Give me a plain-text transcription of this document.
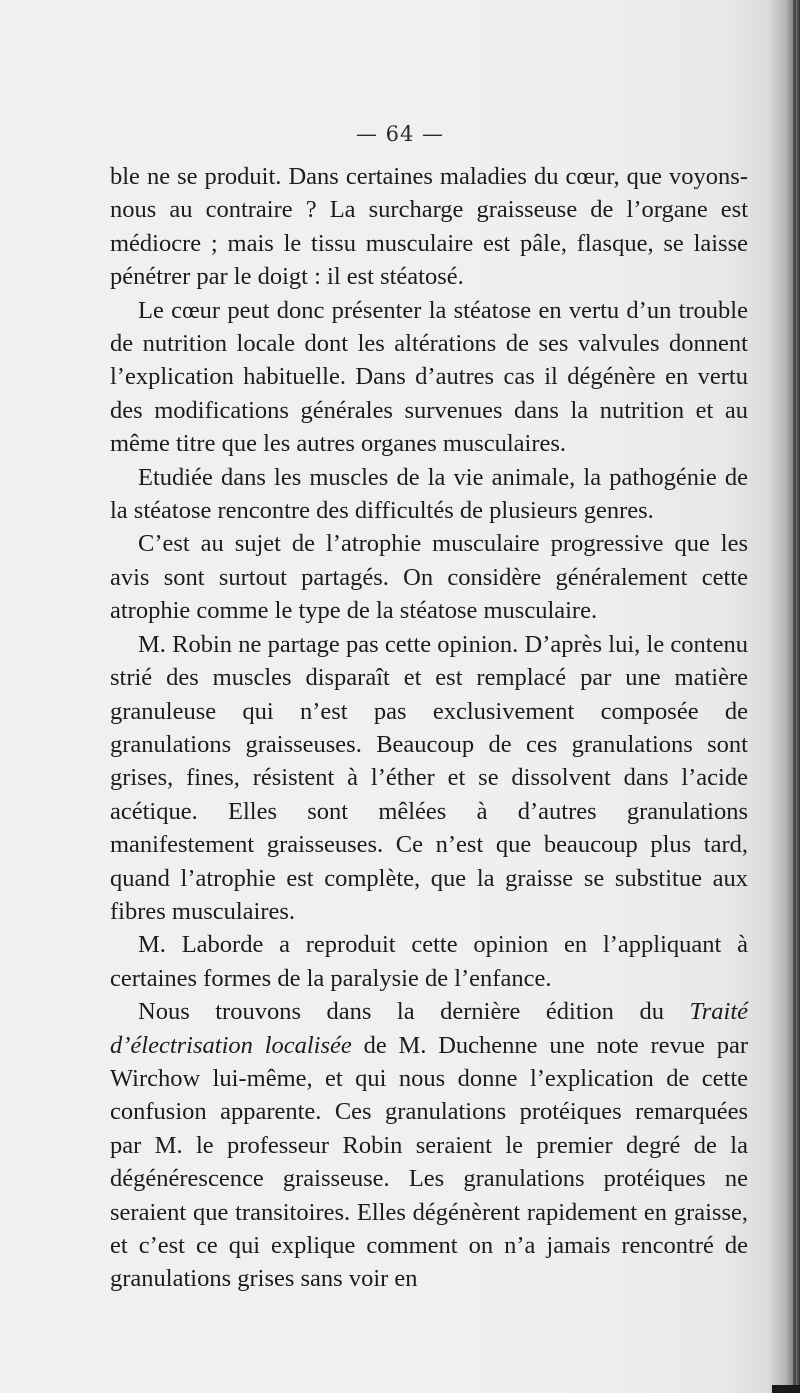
— 64 —

ble ne se produit. Dans certaines maladies du cœur, que voyons-nous au contraire ? La surcharge graisseuse de l’organe est médiocre ; mais le tissu musculaire est pâle, flasque, se laisse pénétrer par le doigt : il est stéatosé.

Le cœur peut donc présenter la stéatose en vertu d’un trouble de nutrition locale dont les altérations de ses valvules donnent l’explication habituelle. Dans d’autres cas il dégénère en vertu des modifications générales survenues dans la nutrition et au même titre que les autres organes musculaires.

Etudiée dans les muscles de la vie animale, la pathogénie de la stéatose rencontre des difficultés de plusieurs genres.

C’est au sujet de l’atrophie musculaire progressive que les avis sont surtout partagés. On considère généralement cette atrophie comme le type de la stéatose musculaire.

M. Robin ne partage pas cette opinion. D’après lui, le contenu strié des muscles disparaît et est remplacé par une matière granuleuse qui n’est pas exclusivement composée de granulations graisseuses. Beaucoup de ces granulations sont grises, fines, résistent à l’éther et se dissolvent dans l’acide acétique. Elles sont mêlées à d’autres granulations manifestement graisseuses. Ce n’est que beaucoup plus tard, quand l’atrophie est complète, que la graisse se substitue aux fibres musculaires.

M. Laborde a reproduit cette opinion en l’appliquant à certaines formes de la paralysie de l’enfance.

Nous trouvons dans la dernière édition du Traité d’électrisation localisée de M. Duchenne une note revue par Wirchow lui-même, et qui nous donne l’explication de cette confusion apparente. Ces granulations protéiques remarquées par M. le professeur Robin seraient le premier degré de la dégénérescence graisseuse. Les granulations protéiques ne seraient que transitoires. Elles dégénèrent rapidement en graisse, et c’est ce qui explique comment on n’a jamais rencontré de granulations grises sans voir en
